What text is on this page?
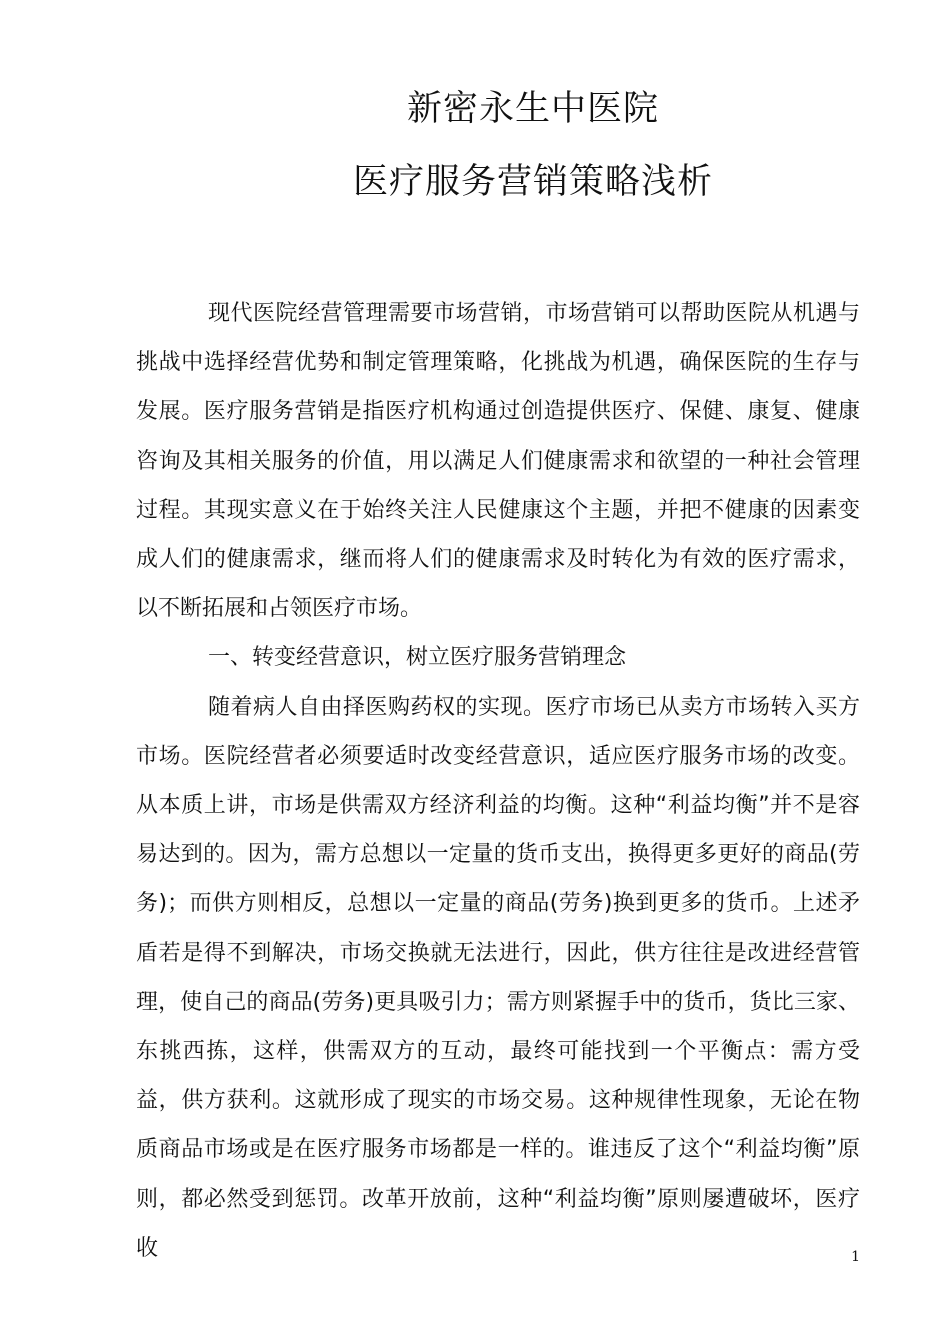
新密永生中医院
医疗服务营销策略浅析

现代医院经营管理需要市场营销，市场营销可以帮助医院从机遇与挑战中选择经营优势和制定管理策略，化挑战为机遇，确保医院的生存与发展。医疗服务营销是指医疗机构通过创造提供医疗、保健、康复、健康咨询及其相关服务的价值，用以满足人们健康需求和欲望的一种社会管理过程。其现实意义在于始终关注人民健康这个主题，并把不健康的因素变成人们的健康需求，继而将人们的健康需求及时转化为有效的医疗需求，以不断拓展和占领医疗市场。

一、转变经营意识，树立医疗服务营销理念

随着病人自由择医购药权的实现。医疗市场已从卖方市场转入买方市场。医院经营者必须要适时改变经营意识，适应医疗服务市场的改变。从本质上讲，市场是供需双方经济利益的均衡。这种“利益均衡”并不是容易达到的。因为，需方总想以一定量的货币支出，换得更多更好的商品(劳务)；而供方则相反，总想以一定量的商品(劳务)换到更多的货币。上述矛盾若是得不到解决，市场交换就无法进行，因此，供方往往是改进经营管理，使自己的商品(劳务)更具吸引力；需方则紧握手中的货币，货比三家、东挑西拣，这样，供需双方的互动，最终可能找到一个平衡点：需方受益，供方获利。这就形成了现实的市场交易。这种规律性现象，无论在物质商品市场或是在医疗服务市场都是一样的。谁违反了这个“利益均衡”原则，都必然受到惩罚。改革开放前，这种“利益均衡”原则屡遭破坏，医疗收	1
